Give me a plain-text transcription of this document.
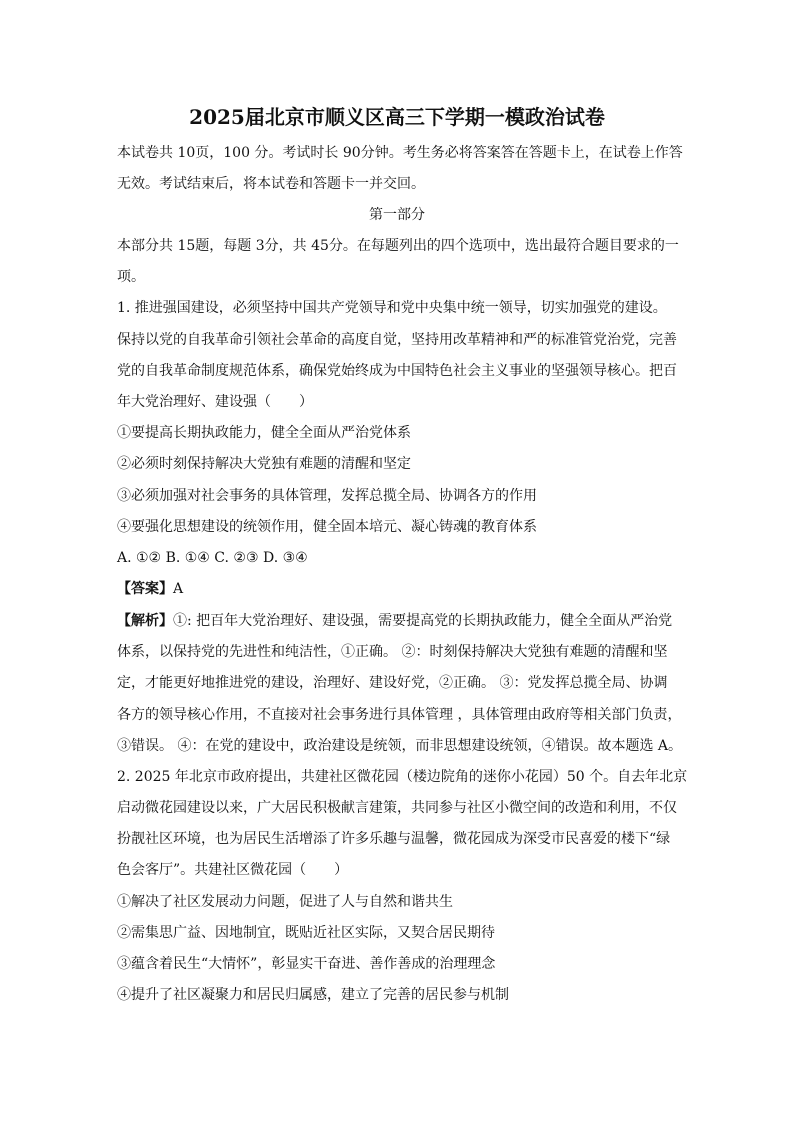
2025届北京市顺义区高三下学期一模政治试卷
本试卷共 10页，100 分。考试时长 90分钟。考生务必将答案答在答题卡上，在试卷上作答
无效。考试结束后，将本试卷和答题卡一并交回。
第一部分
本部分共 15题，每题 3分，共 45分。在每题列出的四个选项中，选出最符合题目要求的一
项。
1. 推进强国建设，必须坚持中国共产党领导和党中央集中统一领导，切实加强党的建设。
保持以党的自我革命引领社会革命的高度自觉，坚持用改革精神和严的标准管党治党，完善
党的自我革命制度规范体系，确保党始终成为中国特色社会主义事业的坚强领导核心。把百
年大党治理好、建设强（　　）
①要提高长期执政能力，健全全面从严治党体系
②必须时刻保持解决大党独有难题的清醒和坚定
③必须加强对社会事务的具体管理，发挥总揽全局、协调各方的作用
④要强化思想建设的统领作用，健全固本培元、凝心铸魂的教育体系
A. ①② B. ①④ C. ②③ D. ③④
【答案】A
【解析】①: 把百年大党治理好、建设强，需要提高党的长期执政能力，健全全面从严治党
体系，以保持党的先进性和纯洁性，①正确。 ②：时刻保持解决大党独有难题的清醒和坚
定，才能更好地推进党的建设，治理好、建设好党，②正确。 ③：党发挥总揽全局、协调
各方的领导核心作用，不直接对社会事务进行具体管理 ，具体管理由政府等相关部门负责，
③错误。 ④：在党的建设中，政治建设是统领，而非思想建设统领，④错误。故本题选 A。
2. 2025 年北京市政府提出，共建社区微花园（楼边院角的迷你小花园）50 个。自去年北京
启动微花园建设以来，广大居民积极献言建策，共同参与社区小微空间的改造和利用，不仅
扮靓社区环境，也为居民生活增添了许多乐趣与温馨，微花园成为深受市民喜爱的楼下“绿
色会客厅”。共建社区微花园（　　）
①解决了社区发展动力问题，促进了人与自然和谐共生
②需集思广益、因地制宜，既贴近社区实际，又契合居民期待
③蕴含着民生“大情怀”，彰显实干奋进、善作善成的治理理念
④提升了社区凝聚力和居民归属感，建立了完善的居民参与机制
